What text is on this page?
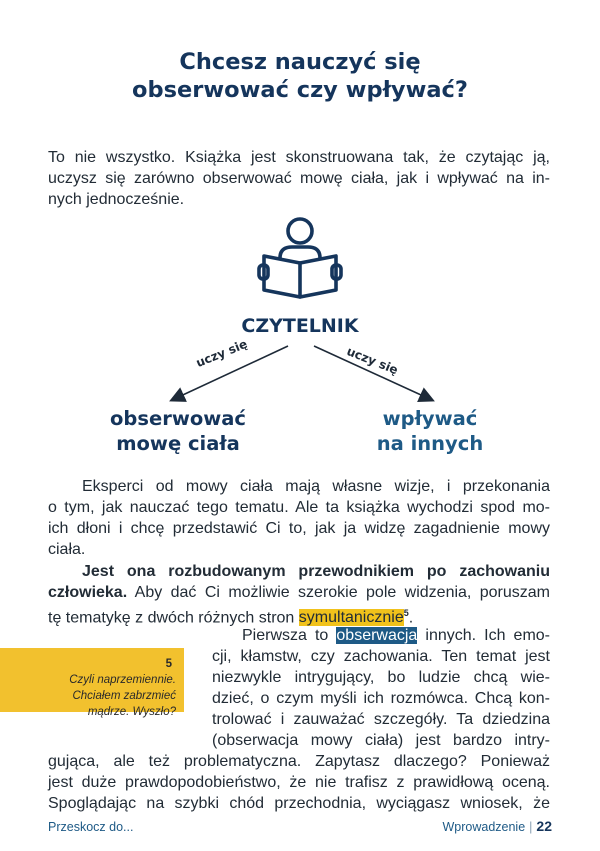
Chcesz nauczyć się
obserwować czy wpływać?

To nie wszystko. Książka jest skonstruowana tak, że czytając ją,
uczysz się zarówno obserwować mowę ciała, jak i wpływać na in-
nych jednocześnie.

CZYTELNIK
uczy się	uczy się
obserwować
mowę ciała
wpływać
na innych

Eksperci od mowy ciała mają własne wizje, i przekonania
o tym, jak nauczać tego tematu. Ale ta książka wychodzi spod mo-
ich dłoni i chcę przedstawić Ci to, jak ja widzę zagadnienie mowy
ciała.

Jest ona rozbudowanym przewodnikiem po zachowaniu
człowieka. Aby dać Ci możliwie szerokie pole widzenia, poruszam
tę tematykę z dwóch różnych stron symultanicznie$^5$.

5
Czyli naprzemiennie.
Chciałem zabrzmieć
mądrze. Wyszło?

Pierwsza to obserwacja innych. Ich emo-
cji, kłamstw, czy zachowania. Ten temat jest
niezwykle intrygujący, bo ludzie chcą wie-
dzieć, o czym myśli ich rozmówca. Chcą kon-
trolować i zauważać szczegóły. Ta dziedzina
(obserwacja mowy ciała) jest bardzo intry-
gująca, ale też problematyczna. Zapytasz dlaczego? Ponieważ
jest duże prawdopodobieństwo, że nie trafisz z prawidłową oceną.
Spoglądając na szybki chód przechodnia, wyciągasz wniosek, że

Przeskocz do...	Wprowadzenie | 22
